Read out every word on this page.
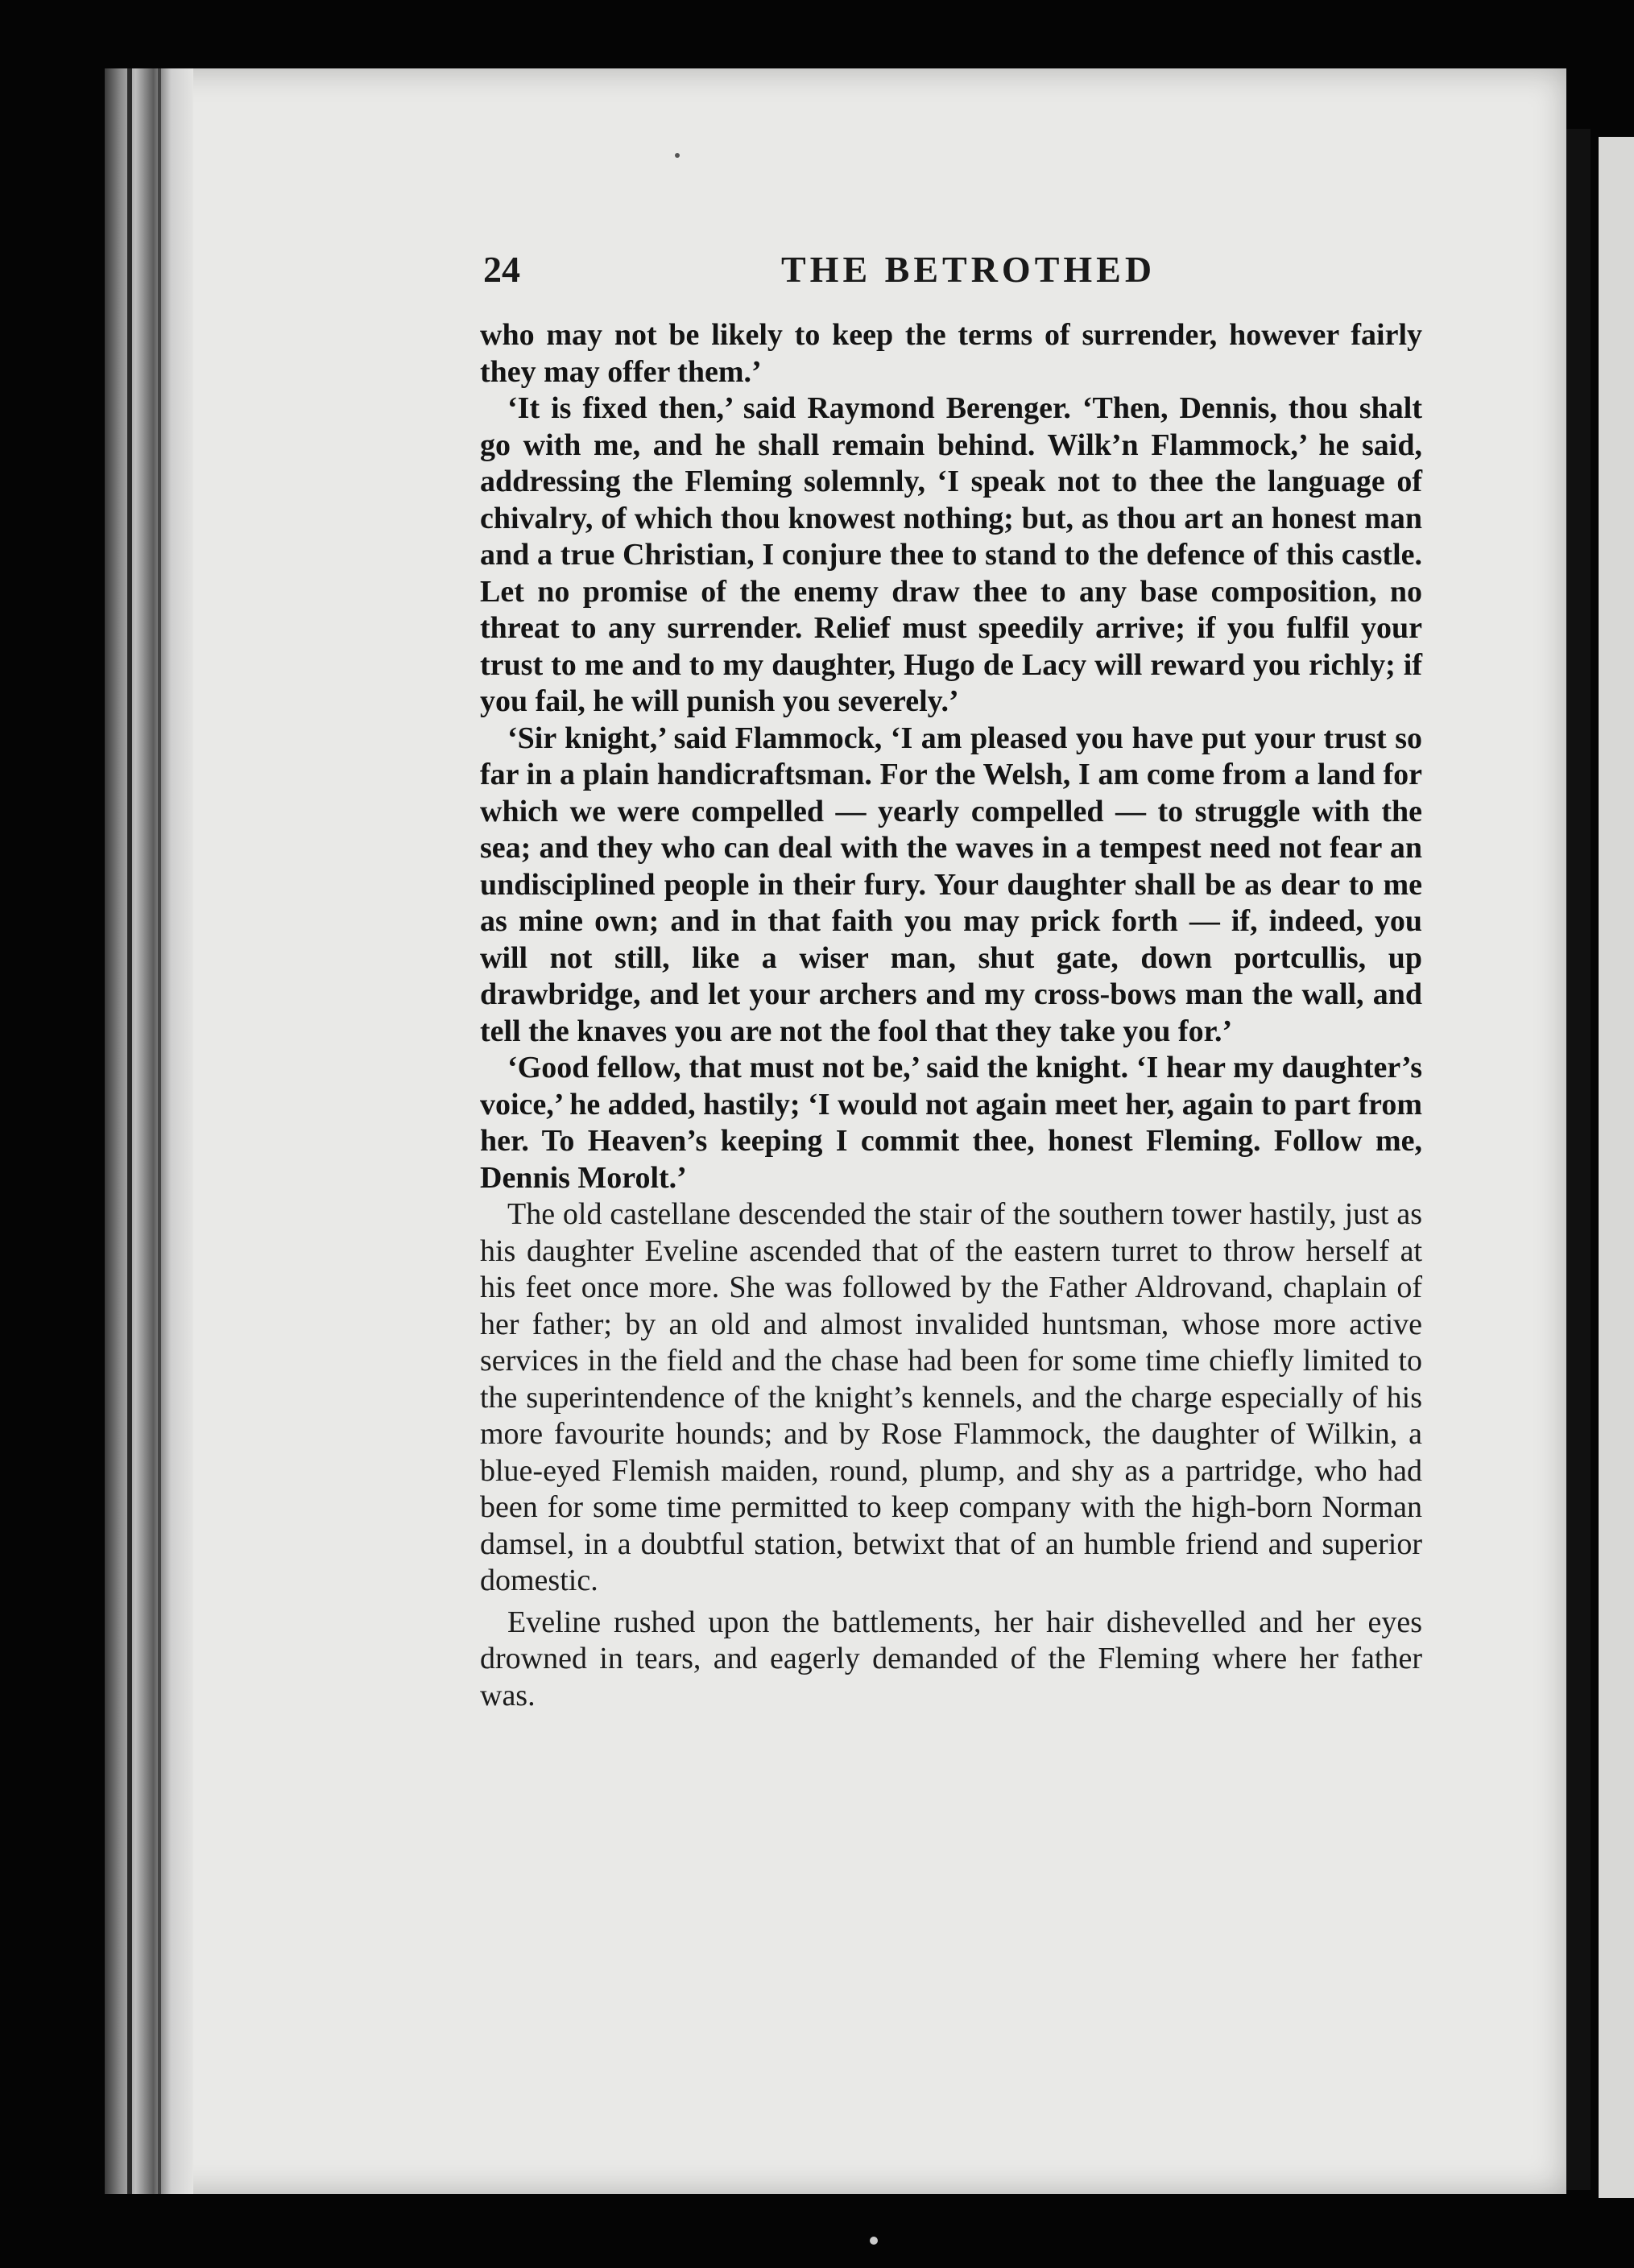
24	THE BETROTHED

who may not be likely to keep the terms of surrender, however fairly they may offer them.’

‘It is fixed then,’ said Raymond Berenger. ‘Then, Dennis, thou shalt go with me, and he shall remain behind. Wilk’n Flammock,’ he said, addressing the Fleming solemnly, ‘I speak not to thee the language of chivalry, of which thou knowest nothing; but, as thou art an honest man and a true Christian, I conjure thee to stand to the defence of this castle. Let no promise of the enemy draw thee to any base composition, no threat to any surrender. Relief must speedily arrive; if you fulfil your trust to me and to my daughter, Hugo de Lacy will reward you richly; if you fail, he will punish you severely.’

‘Sir knight,’ said Flammock, ‘I am pleased you have put your trust so far in a plain handicraftsman. For the Welsh, I am come from a land for which we were compelled — yearly compelled — to struggle with the sea; and they who can deal with the waves in a tempest need not fear an undisciplined people in their fury. Your daughter shall be as dear to me as mine own; and in that faith you may prick forth — if, indeed, you will not still, like a wiser man, shut gate, down portcullis, up drawbridge, and let your archers and my cross-bows man the wall, and tell the knaves you are not the fool that they take you for.’

‘Good fellow, that must not be,’ said the knight. ‘I hear my daughter’s voice,’ he added, hastily; ‘I would not again meet her, again to part from her. To Heaven’s keeping I commit thee, honest Fleming. Follow me, Dennis Morolt.’

The old castellane descended the stair of the southern tower hastily, just as his daughter Eveline ascended that of the eastern turret to throw herself at his feet once more. She was followed by the Father Aldrovand, chaplain of her father; by an old and almost invalided huntsman, whose more active services in the field and the chase had been for some time chiefly limited to the superintendence of the knight’s kennels, and the charge especially of his more favourite hounds; and by Rose Flammock, the daughter of Wilkin, a blue-eyed Flemish maiden, round, plump, and shy as a partridge, who had been for some time permitted to keep company with the high-born Norman damsel, in a doubtful station, betwixt that of an humble friend and superior domestic.

Eveline rushed upon the battlements, her hair dishevelled and her eyes drowned in tears, and eagerly demanded of the Fleming where her father was.
